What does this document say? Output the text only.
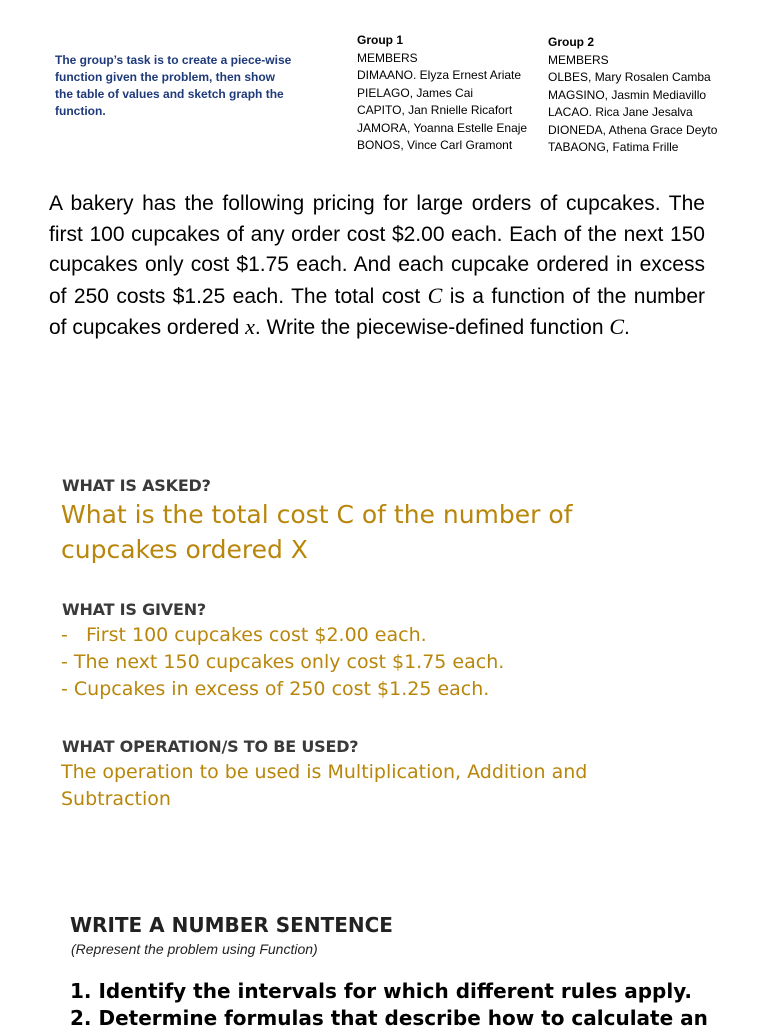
The group’s task is to create a piece-wise function given the problem, then show the table of values and sketch graph the function.
Group 1
MEMBERS
DIMAANO. Elyza Ernest Ariate
PIELAGO, James Cai
CAPITO, Jan Rnielle Ricafort
JAMORA, Yoanna Estelle Enaje
BONOS, Vince Carl Gramont
Group 2
MEMBERS
OLBES, Mary Rosalen Camba
MAGSINO, Jasmin Mediavillo
LACAO. Rica Jane Jesalva
DIONEDA, Athena Grace Deyto
TABAONG, Fatima Frille
A bakery has the following pricing for large orders of cupcakes. The first 100 cupcakes of any order cost $2.00 each. Each of the next 150 cupcakes only cost $1.75 each. And each cupcake ordered in excess of 250 costs $1.25 each. The total cost C is a function of the number of cupcakes ordered x. Write the piecewise-defined function C.
WHAT IS ASKED?
What is the total cost C of the number of cupcakes ordered X
WHAT IS GIVEN?
-   First 100 cupcakes cost $2.00 each.
- The next 150 cupcakes only cost $1.75 each.
- Cupcakes in excess of 250 cost $1.25 each.
WHAT OPERATION/S TO BE USED?
The operation to be used is Multiplication, Addition and Subtraction
WRITE A NUMBER SENTENCE
(Represent the problem using Function)
1. Identify the intervals for which different rules apply.
2. Determine formulas that describe how to calculate an
